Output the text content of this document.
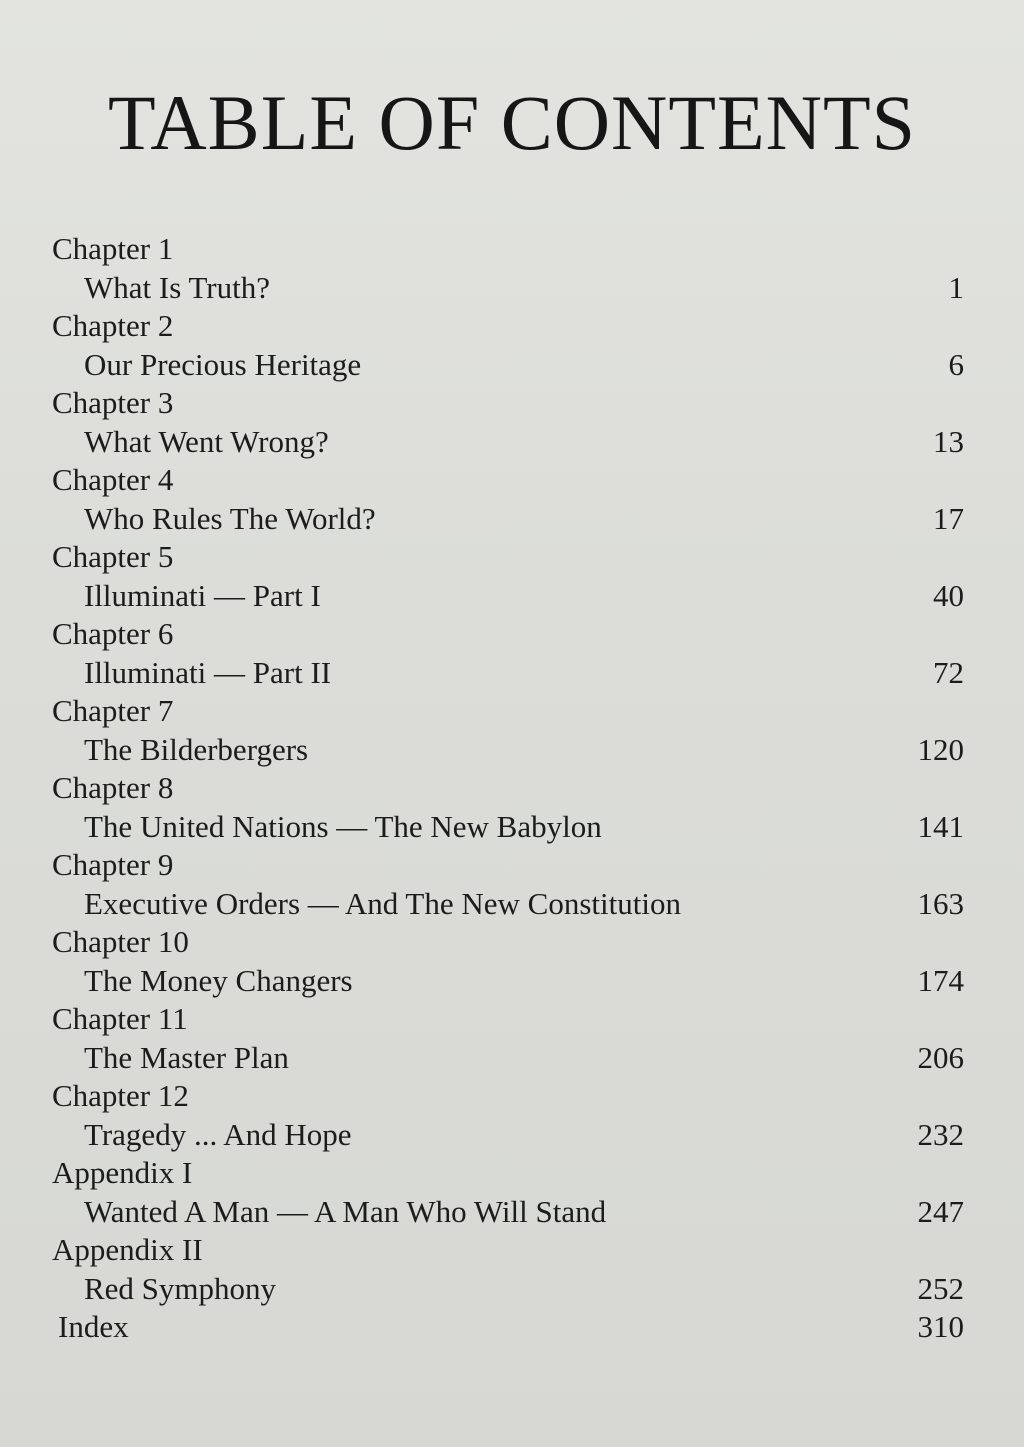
TABLE OF CONTENTS
Chapter 1
What Is Truth?	1
Chapter 2
Our Precious Heritage	6
Chapter 3
What Went Wrong?	13
Chapter 4
Who Rules The World?	17
Chapter 5
Illuminati — Part I	40
Chapter 6
Illuminati — Part II	72
Chapter 7
The Bilderbergers	120
Chapter 8
The United Nations — The New Babylon	141
Chapter 9
Executive Orders — And The New Constitution	163
Chapter 10
The Money Changers	174
Chapter 11
The Master Plan	206
Chapter 12
Tragedy ... And Hope	232
Appendix I
Wanted A Man — A Man Who Will Stand	247
Appendix II
Red Symphony	252
Index	310
